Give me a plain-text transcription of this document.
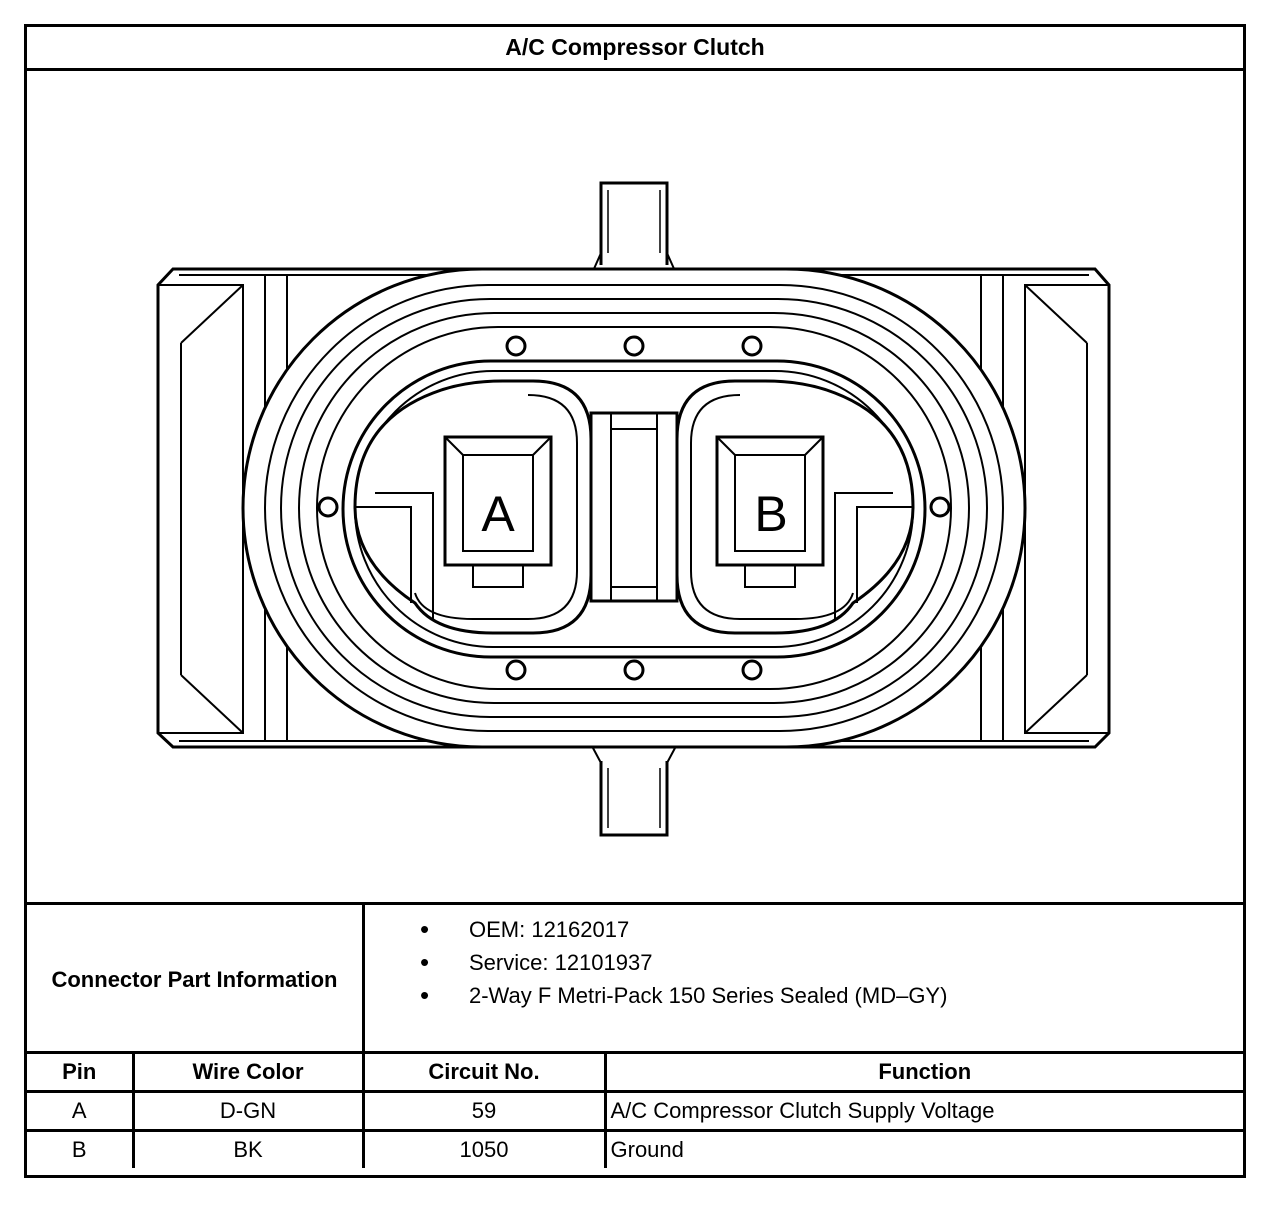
A/C Compressor Clutch
A	B
Connector Part Information
• OEM: 12162017
• Service: 12101937
• 2-Way F Metri-Pack 150 Series Sealed (MD–GY)
Pin	Wire Color	Circuit No.	Function
A	D-GN	59	A/C Compressor Clutch Supply Voltage
B	BK	1050	Ground
